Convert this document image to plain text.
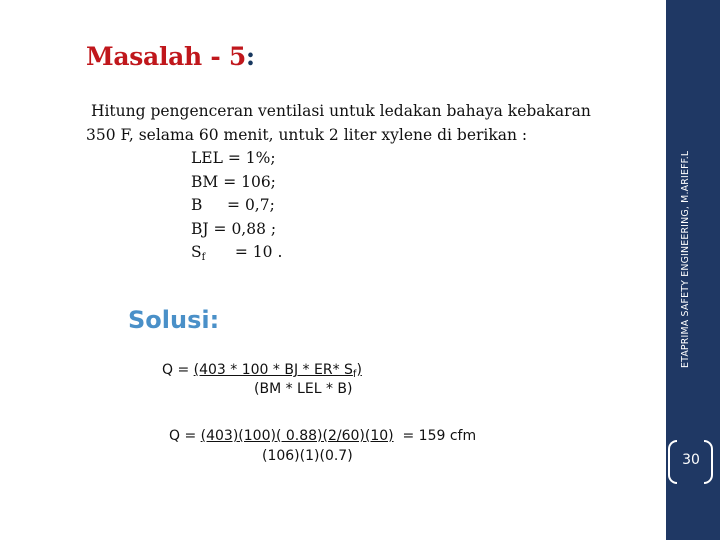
Masalah - 5:
Hitung pengenceran ventilasi untuk ledakan bahaya kebakaran
350 F, selama 60 menit, untuk 2 liter xylene di berikan :
LEL = 1%;
BM = 106;
B     = 0,7;
BJ = 0,88 ;
$S_f$      = 10 .
Solusi:
Q = (403 * 100 * BJ * ER* $S_f$)
(BM * LEL * B)
Q = (403)(100)( 0.88)(2/60)(10)  = 159 cfm
(106)(1)(0.7)
ETAPRIMA SAFETY ENGINEERING, M.ARIEFF.L
30
